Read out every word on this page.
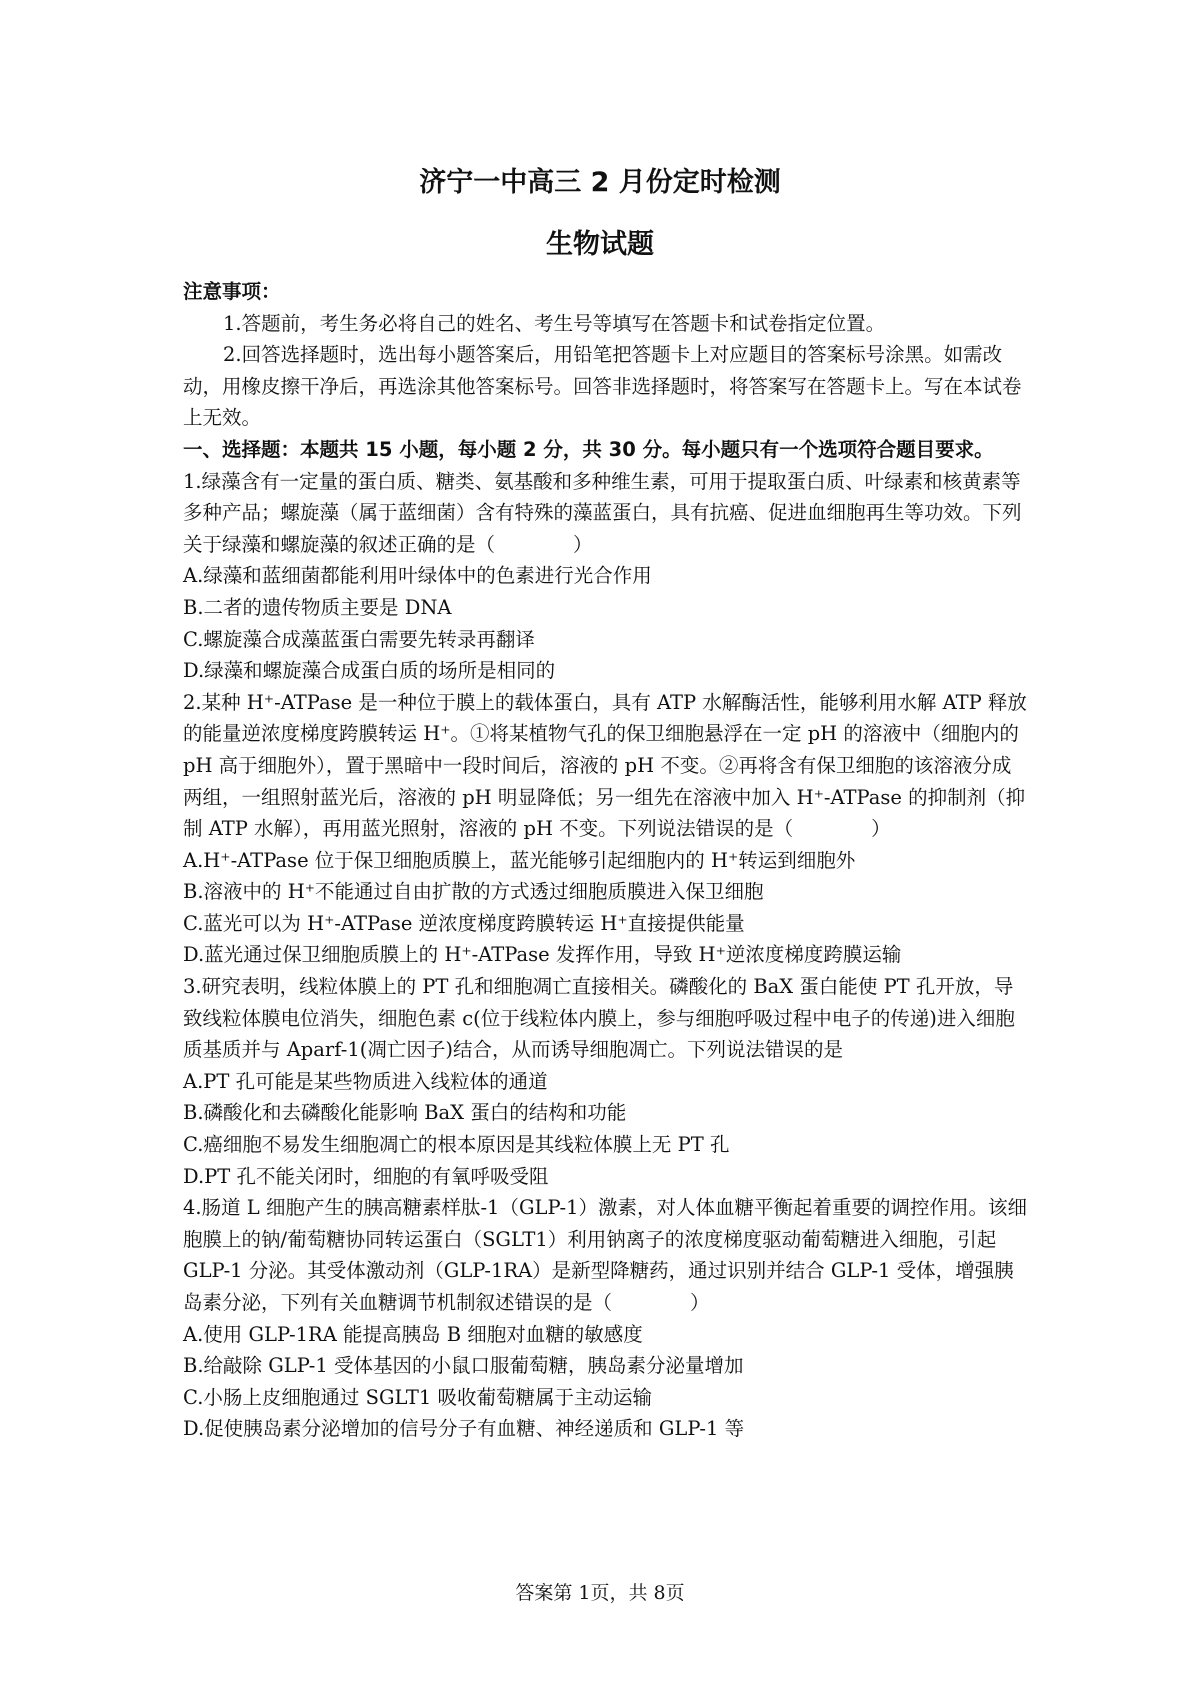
济宁一中高三 2 月份定时检测
生物试题

注意事项：

1.答题前，考生务必将自己的姓名、考生号等填写在答题卡和试卷指定位置。

2.回答选择题时，选出每小题答案后，用铅笔把答题卡上对应题目的答案标号涂黑。如需改动，用橡皮擦干净后，再选涂其他答案标号。回答非选择题时，将答案写在答题卡上。写在本试卷上无效。

一、选择题：本题共 15 小题，每小题 2 分，共 30 分。每小题只有一个选项符合题目要求。

1.绿藻含有一定量的蛋白质、糖类、氨基酸和多种维生素，可用于提取蛋白质、叶绿素和核黄素等多种产品；螺旋藻（属于蓝细菌）含有特殊的藻蓝蛋白，具有抗癌、促进血细胞再生等功效。下列关于绿藻和螺旋藻的叙述正确的是（　　　　）

A.绿藻和蓝细菌都能利用叶绿体中的色素进行光合作用

B.二者的遗传物质主要是 DNA

C.螺旋藻合成藻蓝蛋白需要先转录再翻译

D.绿藻和螺旋藻合成蛋白质的场所是相同的

2.某种 H⁺-ATPase 是一种位于膜上的载体蛋白，具有 ATP 水解酶活性，能够利用水解 ATP 释放的能量逆浓度梯度跨膜转运 H⁺。①将某植物气孔的保卫细胞悬浮在一定 pH 的溶液中（细胞内的 pH 高于细胞外），置于黑暗中一段时间后，溶液的 pH 不变。②再将含有保卫细胞的该溶液分成两组，一组照射蓝光后，溶液的 pH 明显降低；另一组先在溶液中加入 H⁺-ATPase 的抑制剂（抑制 ATP 水解），再用蓝光照射，溶液的 pH 不变。下列说法错误的是（　　　　）

A.H⁺-ATPase 位于保卫细胞质膜上，蓝光能够引起细胞内的 H⁺转运到细胞外

B.溶液中的 H⁺不能通过自由扩散的方式透过细胞质膜进入保卫细胞

C.蓝光可以为 H⁺-ATPase 逆浓度梯度跨膜转运 H⁺直接提供能量

D.蓝光通过保卫细胞质膜上的 H⁺-ATPase 发挥作用，导致 H⁺逆浓度梯度跨膜运输

3.研究表明，线粒体膜上的 PT 孔和细胞凋亡直接相关。磷酸化的 BaX 蛋白能使 PT 孔开放，导致线粒体膜电位消失，细胞色素 c(位于线粒体内膜上，参与细胞呼吸过程中电子的传递)进入细胞质基质并与 Aparf-1(凋亡因子)结合，从而诱导细胞凋亡。下列说法错误的是

A.PT 孔可能是某些物质进入线粒体的通道

B.磷酸化和去磷酸化能影响 BaX 蛋白的结构和功能

C.癌细胞不易发生细胞凋亡的根本原因是其线粒体膜上无 PT 孔

D.PT 孔不能关闭时，细胞的有氧呼吸受阻

4.肠道 L 细胞产生的胰高糖素样肽-1（GLP-1）激素，对人体血糖平衡起着重要的调控作用。该细胞膜上的钠/葡萄糖协同转运蛋白（SGLT1）利用钠离子的浓度梯度驱动葡萄糖进入细胞，引起 GLP-1 分泌。其受体激动剂（GLP-1RA）是新型降糖药，通过识别并结合 GLP-1 受体，增强胰岛素分泌，下列有关血糖调节机制叙述错误的是（　　　　）

A.使用 GLP-1RA 能提高胰岛 B 细胞对血糖的敏感度

B.给敲除 GLP-1 受体基因的小鼠口服葡萄糖，胰岛素分泌量增加

C.小肠上皮细胞通过 SGLT1 吸收葡萄糖属于主动运输

D.促使胰岛素分泌增加的信号分子有血糖、神经递质和 GLP-1 等

答案第 1页，共 8页
